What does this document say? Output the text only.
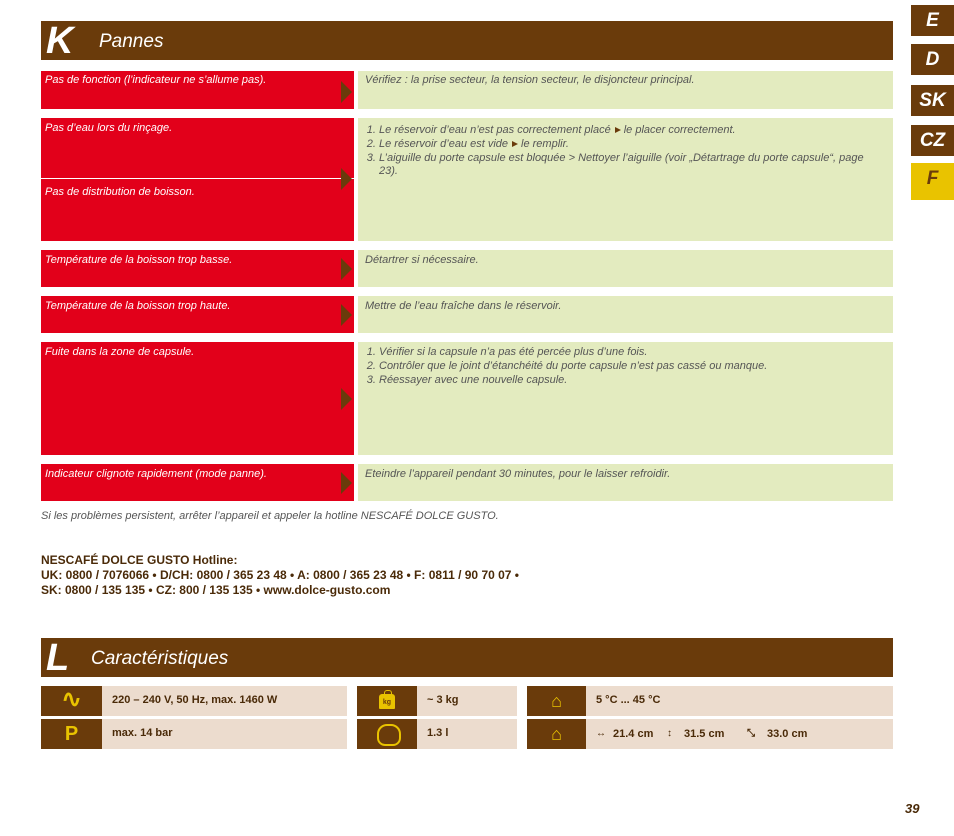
E
D
SK
CZ
F
K Pannes
Pas de fonction (l’indicateur ne s’allume pas).	Vérifiez : la prise secteur, la tension secteur, le disjoncteur principal.
Pas d’eau lors du rinçage.
Pas de distribution de boisson.
1. Le réservoir d’eau n’est pas correctement placé le placer correctement.
2. Le réservoir d’eau est vide le remplir.
3. L’aiguille du porte capsule est bloquée > Nettoyer l’aiguille (voir „Détartrage du porte capsule“, page 23).
Température de la boisson trop basse.	Détartrer si nécessaire.
Température de la boisson trop haute.	Mettre de l’eau fraîche dans le réservoir.
Fuite dans la zone de capsule.
1.	Vérifier si la capsule n’a pas été percée plus d’une fois.
2. Contrôler que le joint d’étanchéité du porte capsule n’est pas cassé ou manque.
3. Réessayer avec une nouvelle capsule.
Indicateur clignote rapidement (mode panne).	Eteindre l’appareil pendant 30 minutes, pour le laisser refroidir.
Si les problèmes persistent, arrêter l’appareil et appeler la hotline NESCAFÉ DOLCE GUSTO.
NESCAFÉ DOLCE GUSTO Hotline:
UK: 0800 / 7076066 • D/CH: 0800 / 365 23 48 • A: 0800 / 365 23 48 • F: 0811 / 90 70 07 •
SK: 0800 / 135 135 • CZ: 800 / 135 135 • www.dolce-gusto.com
L Caractéristiques
∿	220 – 240 V, 50 Hz, max. 1460 W
P	max. 14 bar
kg	~ 3 kg
1.3 l
⌂	5 °C ... 45 °C
⌂	↔ 21.4 cm ↕ 31.5 cm ⤡ 33.0 cm
39
